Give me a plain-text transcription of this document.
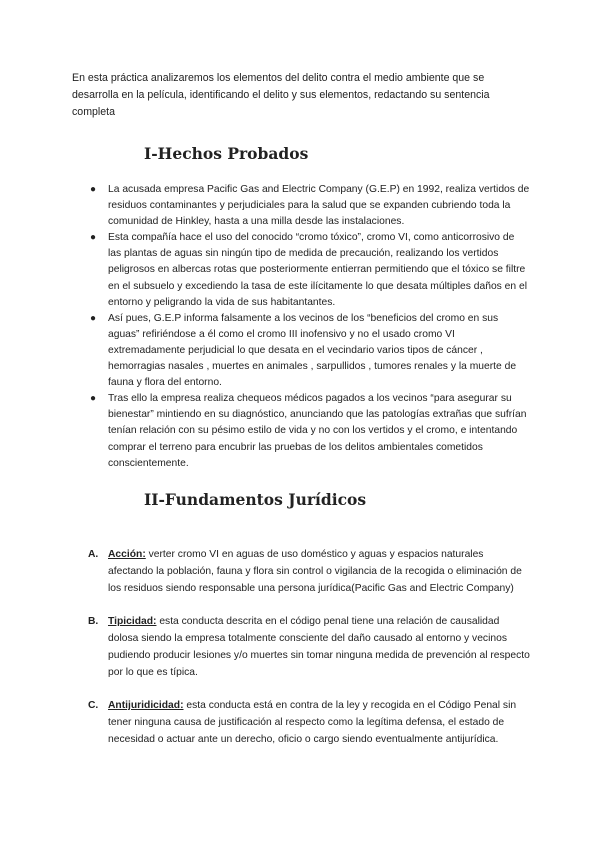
En esta práctica analizaremos los elementos del delito contra el medio ambiente que se desarrolla en la película, identificando el delito y sus elementos, redactando su sentencia completa

I-Hechos Probados
● La acusada empresa Pacific Gas and Electric Company (G.E.P) en 1992, realiza vertidos de residuos contaminantes y perjudiciales para la salud que se expanden cubriendo toda la comunidad de Hinkley, hasta a una milla desde las instalaciones.
● Esta compañía hace el uso del conocido “cromo tóxico”, cromo VI, como anticorrosivo de las plantas de aguas sin ningún tipo de medida de precaución, realizando los vertidos peligrosos en albercas rotas que posteriormente entierran permitiendo que el tóxico se filtre en el subsuelo y excediendo la tasa de este ilícitamente lo que desata múltiples daños en el entorno y peligrando la vida de sus habitantantes.
● Así pues, G.E.P informa falsamente a los vecinos de los “beneficios del cromo en sus aguas” refiriéndose a él como el cromo III inofensivo y no el usado cromo VI extremadamente perjudicial lo que desata en el vecindario varios tipos de cáncer , hemorragias nasales , muertes en animales , sarpullidos , tumores renales y la muerte de fauna y flora del entorno.
● Tras ello la empresa realiza chequeos médicos pagados a los vecinos “para asegurar su bienestar” mintiendo en su diagnóstico, anunciando que las patologías extrañas que sufrían tenían relación con su pésimo estilo de vida y no con los vertidos y el cromo, e intentando comprar el terreno para encubrir las pruebas de los delitos ambientales cometidos conscientemente.
II-Fundamentos Jurídicos
A. Acción: verter cromo VI en aguas de uso doméstico y aguas y espacios naturales afectando la población, fauna y flora sin control o vigilancia de la recogida o eliminación de los residuos siendo responsable una persona jurídica(Pacific Gas and Electric Company)
B. Tipicidad: esta conducta descrita en el código penal tiene una relación de causalidad dolosa siendo la empresa totalmente consciente del daño causado al entorno y vecinos pudiendo producir lesiones y/o muertes sin tomar ninguna medida de prevención al respecto por lo que es típica.
C. Antijuridicidad: esta conducta está en contra de la ley y recogida en el Código Penal sin tener ninguna causa de justificación al respecto como la legítima defensa, el estado de necesidad o actuar ante un derecho, oficio o cargo siendo eventualmente antijurídica.
